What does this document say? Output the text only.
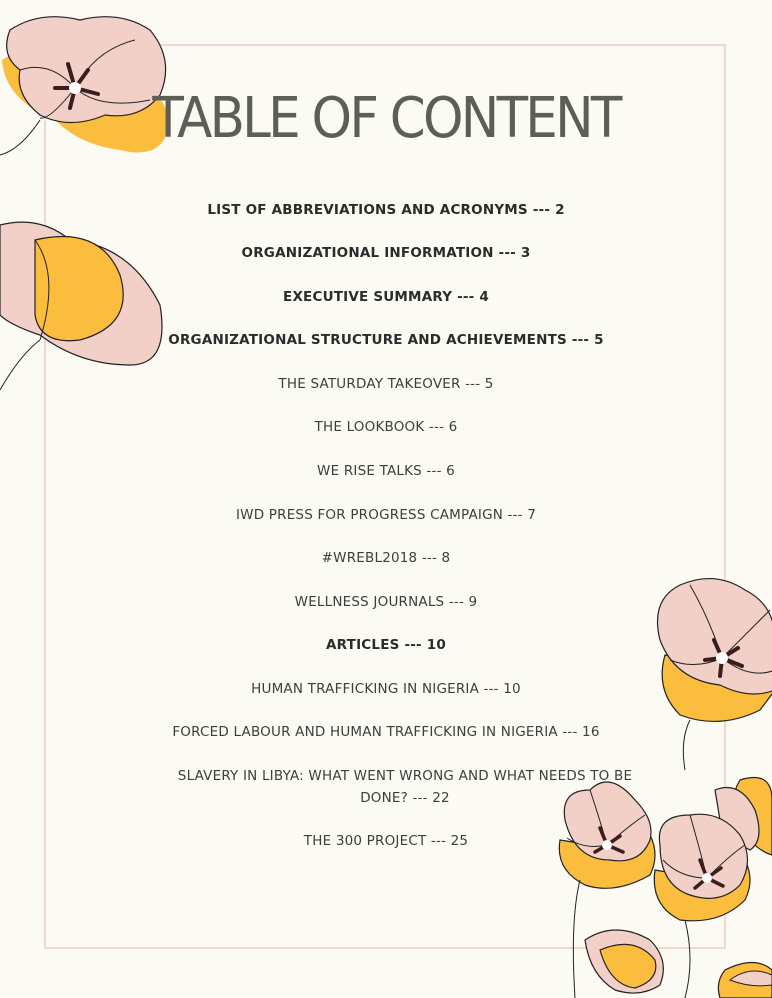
TABLE OF CONTENT
LIST OF ABBREVIATIONS AND ACRONYMS --- 2
ORGANIZATIONAL INFORMATION --- 3
EXECUTIVE SUMMARY --- 4
ORGANIZATIONAL STRUCTURE AND ACHIEVEMENTS --- 5
THE SATURDAY TAKEOVER --- 5
THE LOOKBOOK --- 6
WE RISE TALKS --- 6
IWD PRESS FOR PROGRESS CAMPAIGN --- 7
#WREBL2018 --- 8
WELLNESS JOURNALS --- 9
ARTICLES --- 10
HUMAN TRAFFICKING IN NIGERIA --- 10
FORCED LABOUR AND HUMAN TRAFFICKING IN NIGERIA --- 16
SLAVERY IN LIBYA: WHAT WENT WRONG AND WHAT NEEDS TO BE DONE? --- 22
THE 300 PROJECT --- 25
